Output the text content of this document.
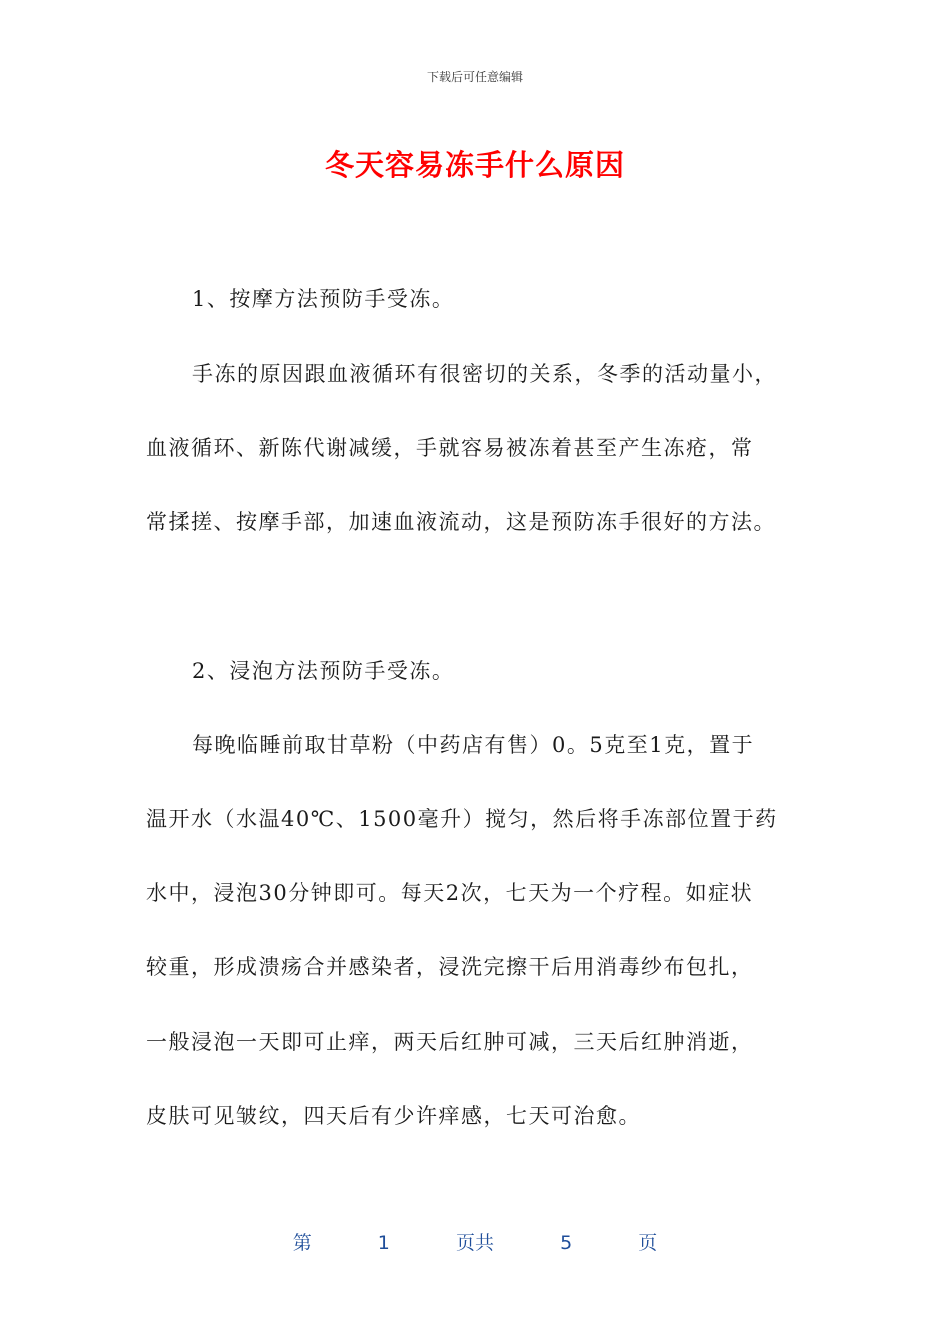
下载后可任意编辑
冬天容易冻手什么原因
1、按摩方法预防手受冻。
手冻的原因跟血液循环有很密切的关系，冬季的活动量小，
血液循环、新陈代谢减缓，手就容易被冻着甚至产生冻疮，常
常揉搓、按摩手部，加速血液流动，这是预防冻手很好的方法。
2、浸泡方法预防手受冻。
每晚临睡前取甘草粉（中药店有售）0。5克至1克，置于
温开水（水温40℃、1500毫升）搅匀，然后将手冻部位置于药
水中，浸泡30分钟即可。每天2次，七天为一个疗程。如症状
较重，形成溃疡合并感染者，浸洗完擦干后用消毒纱布包扎，
一般浸泡一天即可止痒，两天后红肿可减，三天后红肿消逝，
皮肤可见皱纹，四天后有少许痒感，七天可治愈。
第	1	页共	5	页
